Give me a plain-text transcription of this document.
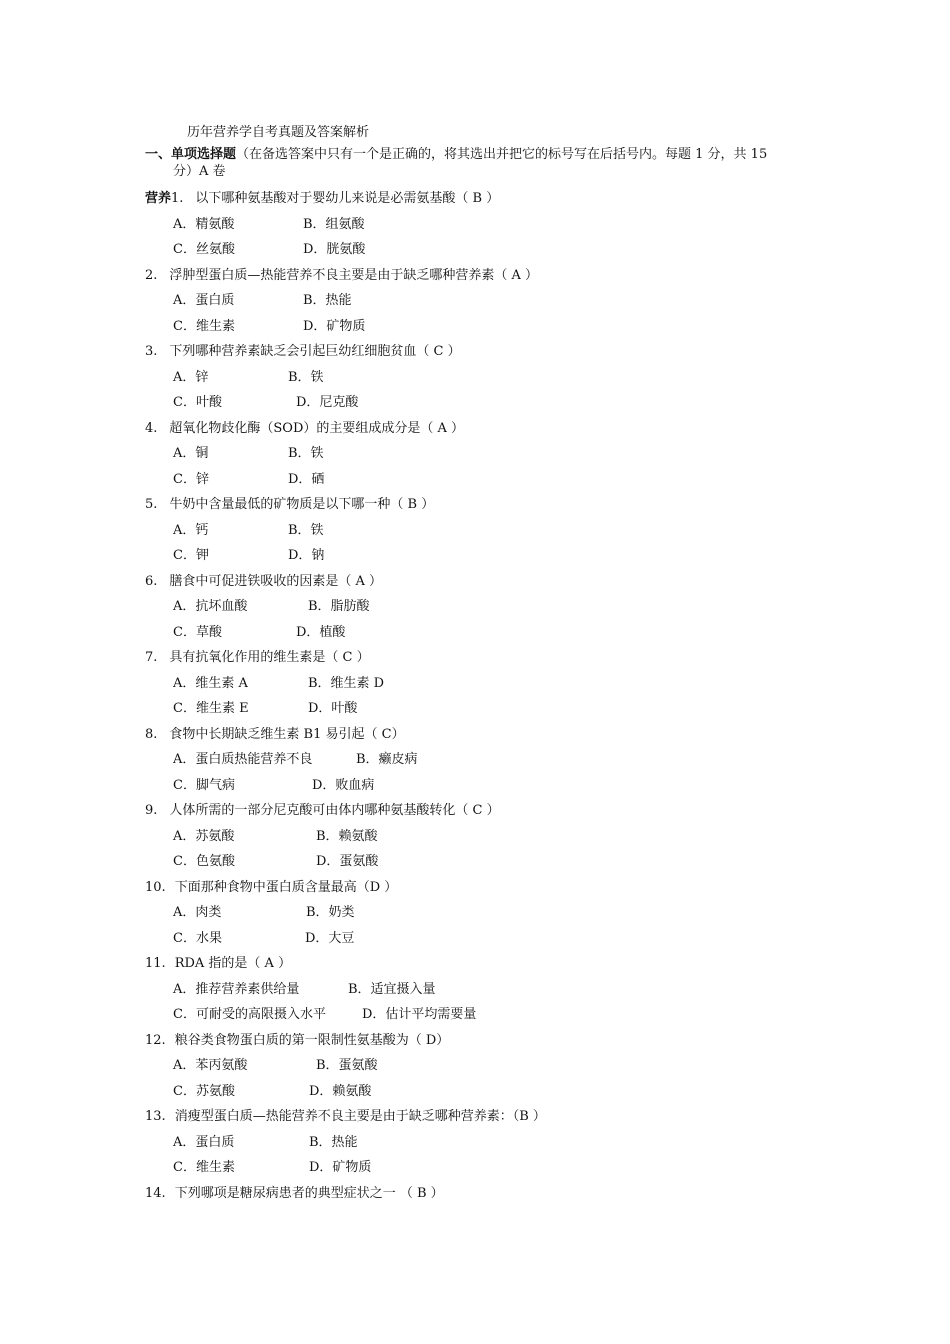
历年营养学自考真题及答案解析
一、单项选择题（在备选答案中只有一个是正确的，将其选出并把它的标号写在后括号内。每题 1 分，共 15
分）A 卷
营养1. 以下哪种氨基酸对于婴幼儿来说是必需氨基酸（ B ）
A．精氨酸	B．组氨酸
C．丝氨酸	D．胱氨酸
2. 浮肿型蛋白质—热能营养不良主要是由于缺乏哪种营养素（ A ）
A．蛋白质	B．热能
C．维生素	D．矿物质
3. 下列哪种营养素缺乏会引起巨幼红细胞贫血（ C ）
A．锌	B．铁
C．叶酸	D．尼克酸
4. 超氧化物歧化酶（SOD）的主要组成成分是（ A ）
A．铜	B．铁
C．锌	D．硒
5. 牛奶中含量最低的矿物质是以下哪一种（ B ）
A．钙	B．铁
C．钾	D．钠
6. 膳食中可促进铁吸收的因素是（ A ）
A．抗坏血酸	B．脂肪酸
C．草酸	D．植酸
7. 具有抗氧化作用的维生素是（ C ）
A．维生素 A	B．维生素 D
C．维生素 E	D．叶酸
8. 食物中长期缺乏维生素 B1 易引起（ C）
A．蛋白质热能营养不良	B．癞皮病
C．脚气病	D．败血病
9. 人体所需的一部分尼克酸可由体内哪种氨基酸转化（ C ）
A．苏氨酸	B．赖氨酸
C．色氨酸	D．蛋氨酸
10. 下面那种食物中蛋白质含量最高（D ）
A．肉类	B．奶类
C．水果	D．大豆
11. RDA 指的是（ A ）
A．推荐营养素供给量	B．适宜摄入量
C．可耐受的高限摄入水平	D．估计平均需要量
12. 粮谷类食物蛋白质的第一限制性氨基酸为（ D）
A．苯丙氨酸	B．蛋氨酸
C．苏氨酸	D．赖氨酸
13. 消瘦型蛋白质—热能营养不良主要是由于缺乏哪种营养素：（B ）
A．蛋白质	B．热能
C．维生素	D．矿物质
14. 下列哪项是糖尿病患者的典型症状之一 （ B ）
